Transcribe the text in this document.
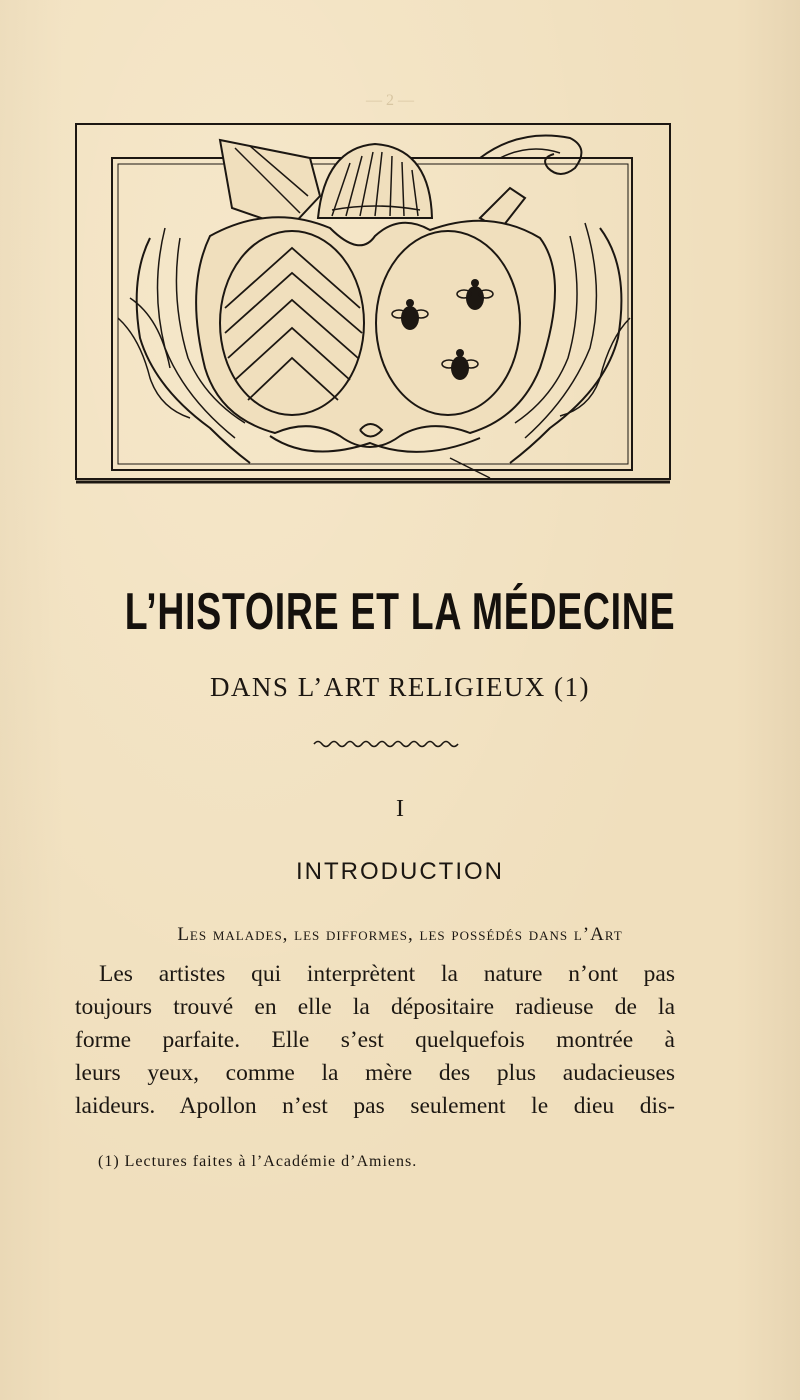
— 2 —
L’HISTOIRE ET LA MÉDECINE
DANS L’ART RELIGIEUX (1)
I
INTRODUCTION
Les malades, les difformes, les possédés dans l’Art
Les artistes qui interprètent la nature n’ont pas
toujours trouvé en elle la dépositaire radieuse de la
forme parfaite. Elle s’est quelquefois montrée à
leurs yeux, comme la mère des plus audacieuses
laideurs. Apollon n’est pas seulement le dieu dis-
(1) Lectures faites à l’Académie d’Amiens.
